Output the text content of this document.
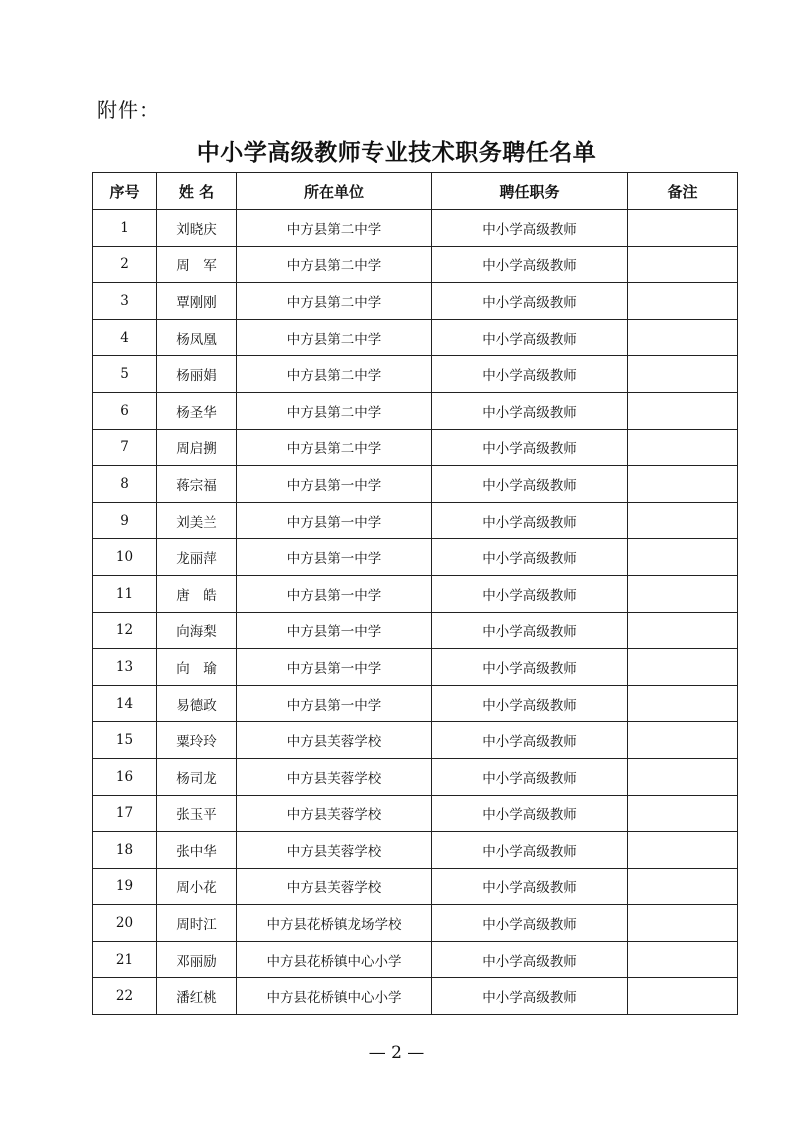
附件：
中小学高级教师专业技术职务聘任名单
序号	姓 名	所在单位	聘任职务	备注
1	刘晓庆	中方县第二中学	中小学高级教师	
2	周　军	中方县第二中学	中小学高级教师	
3	覃刚刚	中方县第二中学	中小学高级教师	
4	杨凤凰	中方县第二中学	中小学高级教师	
5	杨丽娟	中方县第二中学	中小学高级教师	
6	杨圣华	中方县第二中学	中小学高级教师	
7	周启搠	中方县第二中学	中小学高级教师	
8	蒋宗福	中方县第一中学	中小学高级教师	
9	刘美兰	中方县第一中学	中小学高级教师	
10	龙丽萍	中方县第一中学	中小学高级教师	
11	唐　皓	中方县第一中学	中小学高级教师	
12	向海梨	中方县第一中学	中小学高级教师	
13	向　瑜	中方县第一中学	中小学高级教师	
14	易德政	中方县第一中学	中小学高级教师	
15	粟玲玲	中方县芙蓉学校	中小学高级教师	
16	杨司龙	中方县芙蓉学校	中小学高级教师	
17	张玉平	中方县芙蓉学校	中小学高级教师	
18	张中华	中方县芙蓉学校	中小学高级教师	
19	周小花	中方县芙蓉学校	中小学高级教师	
20	周时江	中方县花桥镇龙场学校	中小学高级教师	
21	邓丽励	中方县花桥镇中心小学	中小学高级教师	
22	潘红桃	中方县花桥镇中心小学	中小学高级教师	
— 2 —
